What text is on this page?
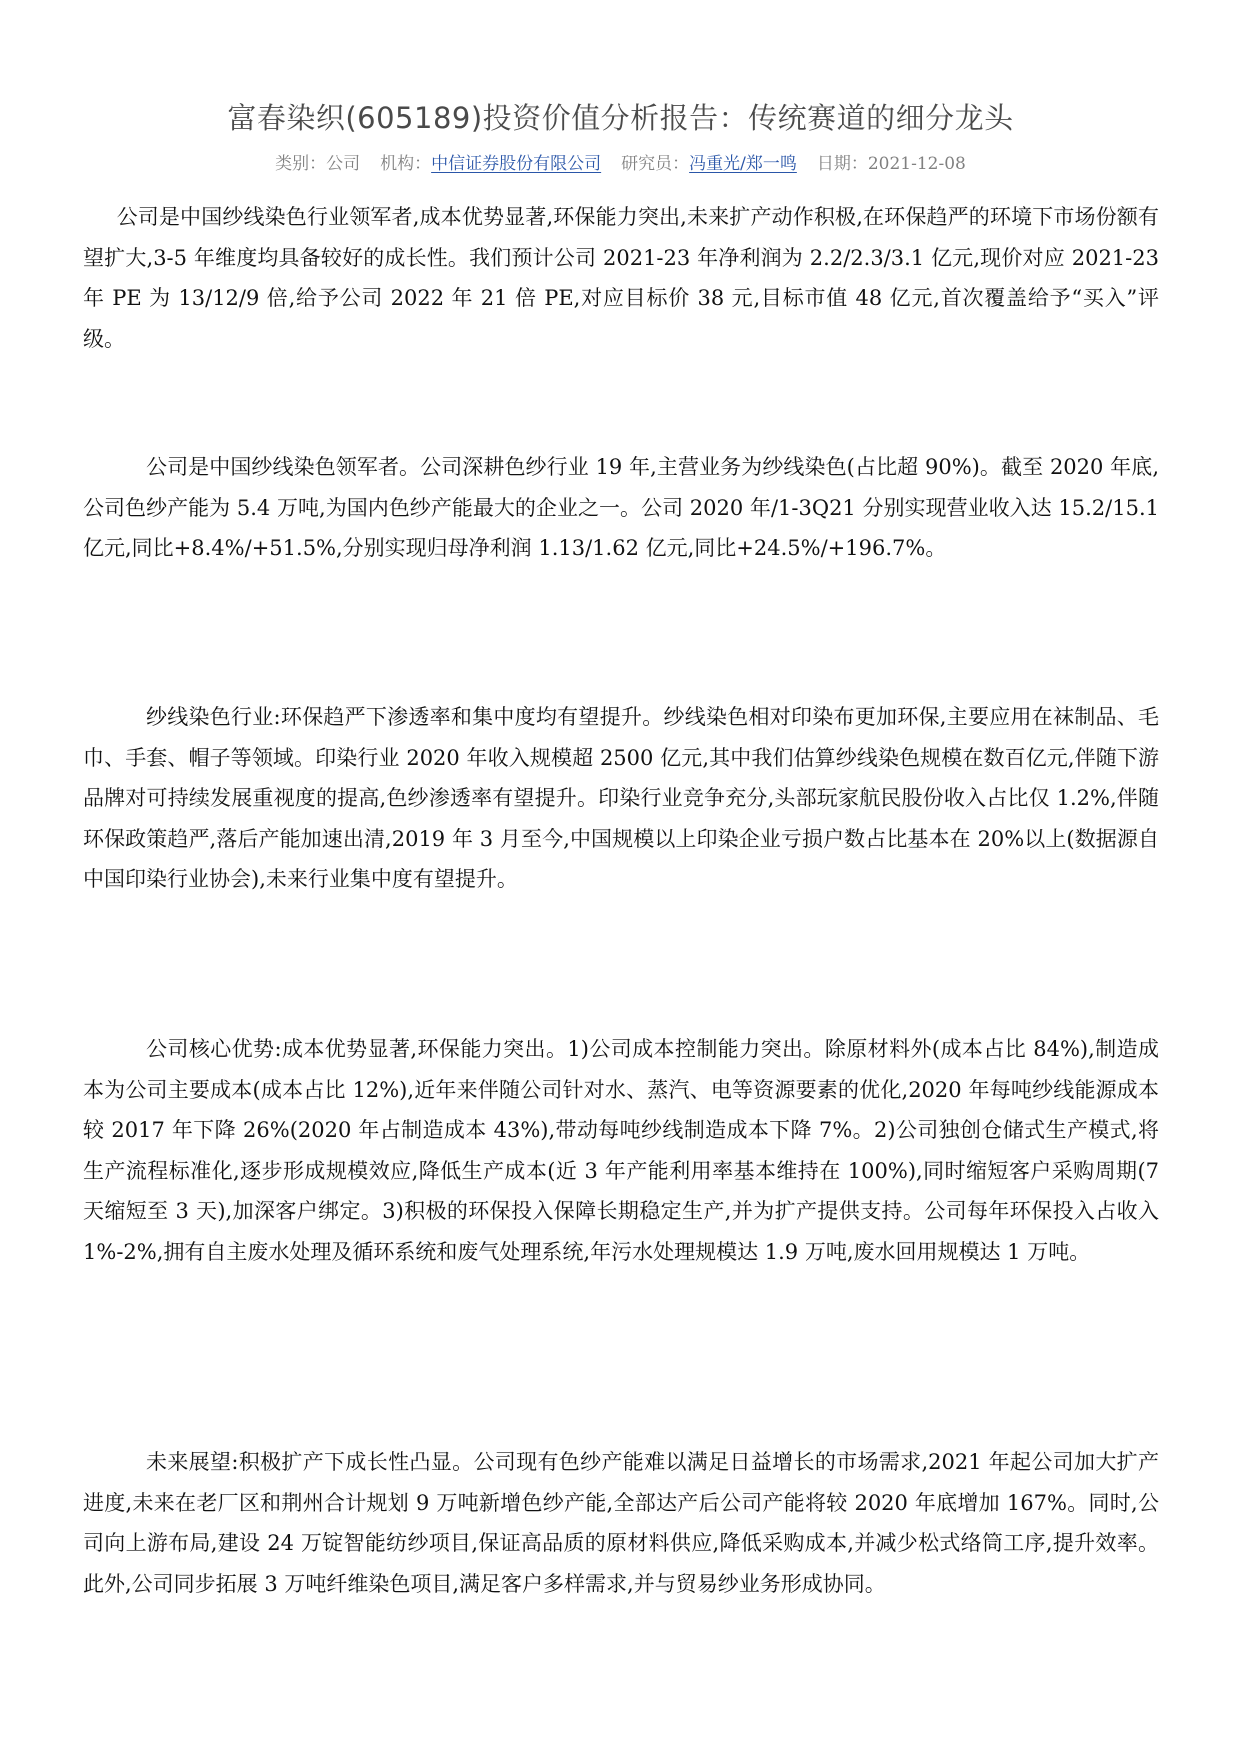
富春染织(605189)投资价值分析报告：传统赛道的细分龙头
类别：公司 机构：中信证券股份有限公司 研究员：冯重光/郑一鸣 日期：2021-12-08

公司是中国纱线染色行业领军者,成本优势显著,环保能力突出,未来扩产动作积极,在环保趋严的环境下市场份额有望扩大,3-5 年维度均具备较好的成长性。我们预计公司 2021-23 年净利润为 2.2/2.3/3.1 亿元,现价对应 2021-23 年 PE 为 13/12/9 倍,给予公司 2022 年 21 倍 PE,对应目标价 38 元,目标市值 48 亿元,首次覆盖给予“买入”评级。

公司是中国纱线染色领军者。公司深耕色纱行业 19 年,主营业务为纱线染色(占比超 90%)。截至 2020 年底,公司色纱产能为 5.4 万吨,为国内色纱产能最大的企业之一。公司 2020 年/1-3Q21 分别实现营业收入达 15.2/15.1 亿元,同比+8.4%/+51.5%,分别实现归母净利润 1.13/1.62 亿元,同比+24.5%/+196.7%。

纱线染色行业:环保趋严下渗透率和集中度均有望提升。纱线染色相对印染布更加环保,主要应用在袜制品、毛巾、手套、帽子等领域。印染行业 2020 年收入规模超 2500 亿元,其中我们估算纱线染色规模在数百亿元,伴随下游品牌对可持续发展重视度的提高,色纱渗透率有望提升。印染行业竞争充分,头部玩家航民股份收入占比仅 1.2%,伴随环保政策趋严,落后产能加速出清,2019 年 3 月至今,中国规模以上印染企业亏损户数占比基本在 20%以上(数据源自中国印染行业协会),未来行业集中度有望提升。

公司核心优势:成本优势显著,环保能力突出。1)公司成本控制能力突出。除原材料外(成本占比 84%),制造成本为公司主要成本(成本占比 12%),近年来伴随公司针对水、蒸汽、电等资源要素的优化,2020 年每吨纱线能源成本较 2017 年下降 26%(2020 年占制造成本 43%),带动每吨纱线制造成本下降 7%。2)公司独创仓储式生产模式,将生产流程标准化,逐步形成规模效应,降低生产成本(近 3 年产能利用率基本维持在 100%),同时缩短客户采购周期(7 天缩短至 3 天),加深客户绑定。3)积极的环保投入保障长期稳定生产,并为扩产提供支持。公司每年环保投入占收入 1%-2%,拥有自主废水处理及循环系统和废气处理系统,年污水处理规模达 1.9 万吨,废水回用规模达 1 万吨。

未来展望:积极扩产下成长性凸显。公司现有色纱产能难以满足日益增长的市场需求,2021 年起公司加大扩产进度,未来在老厂区和荆州合计规划 9 万吨新增色纱产能,全部达产后公司产能将较 2020 年底增加 167%。同时,公司向上游布局,建设 24 万锭智能纺纱项目,保证高品质的原材料供应,降低采购成本,并减少松式络筒工序,提升效率。此外,公司同步拓展 3 万吨纤维染色项目,满足客户多样需求,并与贸易纱业务形成协同。
